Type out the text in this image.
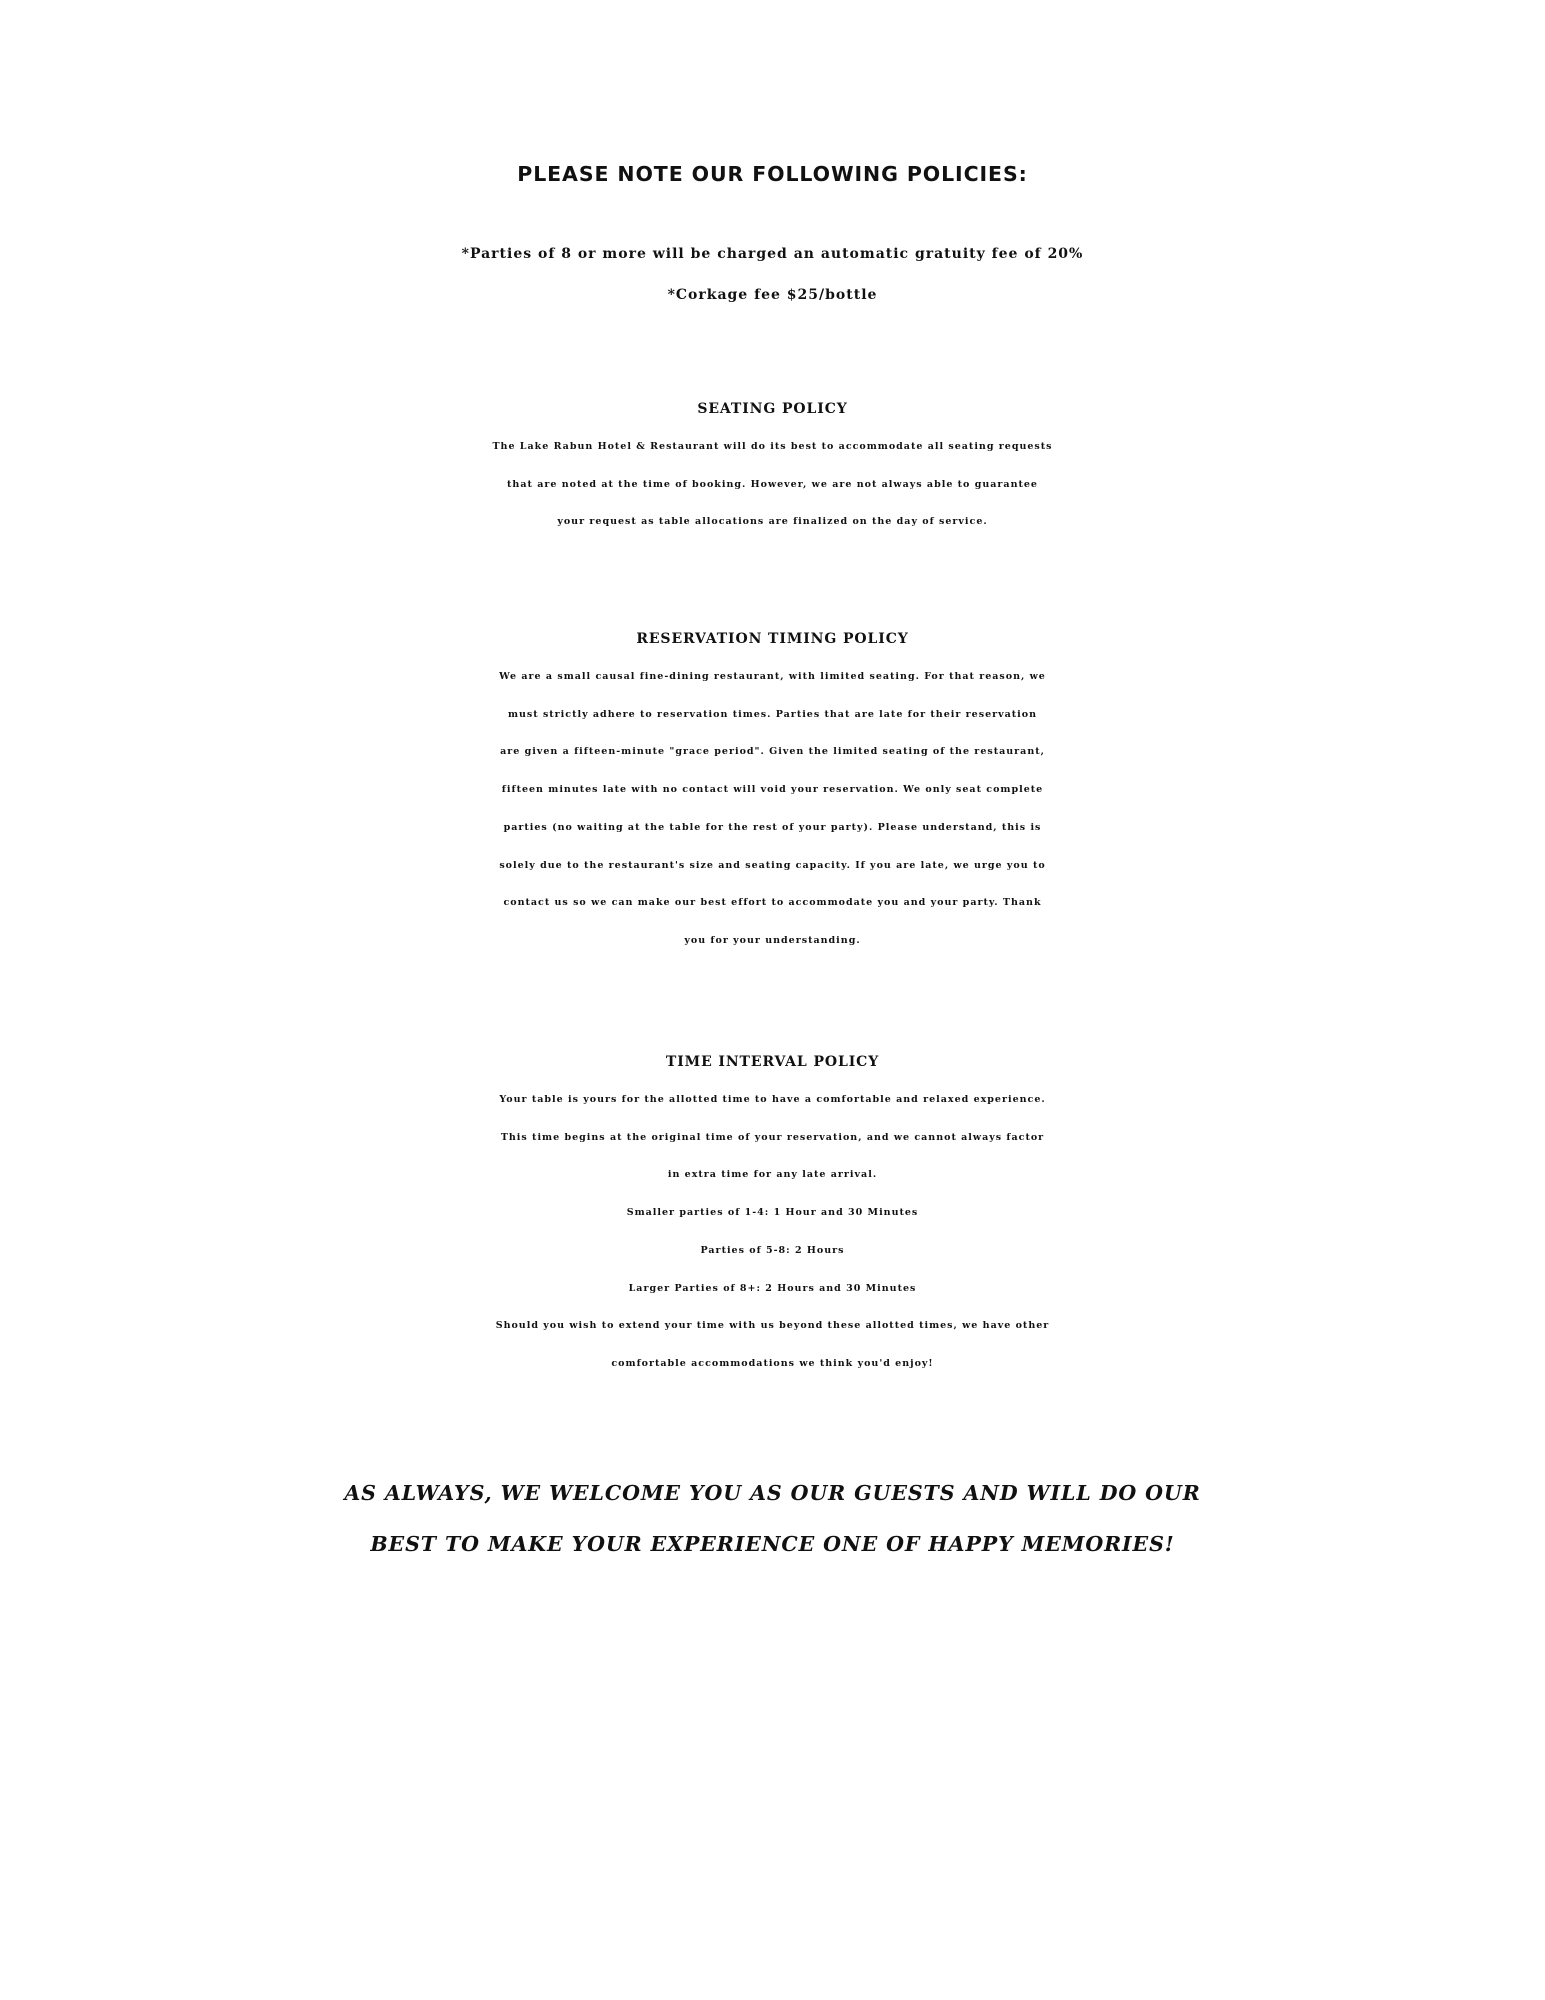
PLEASE NOTE OUR FOLLOWING POLICIES:
*Parties of 8 or more will be charged an automatic gratuity fee of 20%
*Corkage fee $25/bottle
SEATING POLICY

The Lake Rabun Hotel & Restaurant will do its best to accommodate all seating requests
that are noted at the time of booking. However, we are not always able to guarantee
your request as table allocations are finalized on the day of service.

RESERVATION TIMING POLICY

We are a small causal fine-dining restaurant, with limited seating. For that reason, we
must strictly adhere to reservation times. Parties that are late for their reservation
are given a fifteen-minute "grace period". Given the limited seating of the restaurant,
fifteen minutes late with no contact will void your reservation. We only seat complete
parties (no waiting at the table for the rest of your party). Please understand, this is
solely due to the restaurant's size and seating capacity. If you are late, we urge you to
contact us so we can make our best effort to accommodate you and your party. Thank
you for your understanding.

TIME INTERVAL POLICY

Your table is yours for the allotted time to have a comfortable and relaxed experience.
This time begins at the original time of your reservation, and we cannot always factor
in extra time for any late arrival.
Smaller parties of 1-4: 1 Hour and 30 Minutes
Parties of 5-8: 2 Hours
Larger Parties of 8+: 2 Hours and 30 Minutes
Should you wish to extend your time with us beyond these allotted times, we have other
comfortable accommodations we think you'd enjoy!

AS ALWAYS, WE WELCOME YOU AS OUR GUESTS AND WILL DO OUR
BEST TO MAKE YOUR EXPERIENCE ONE OF HAPPY MEMORIES!
